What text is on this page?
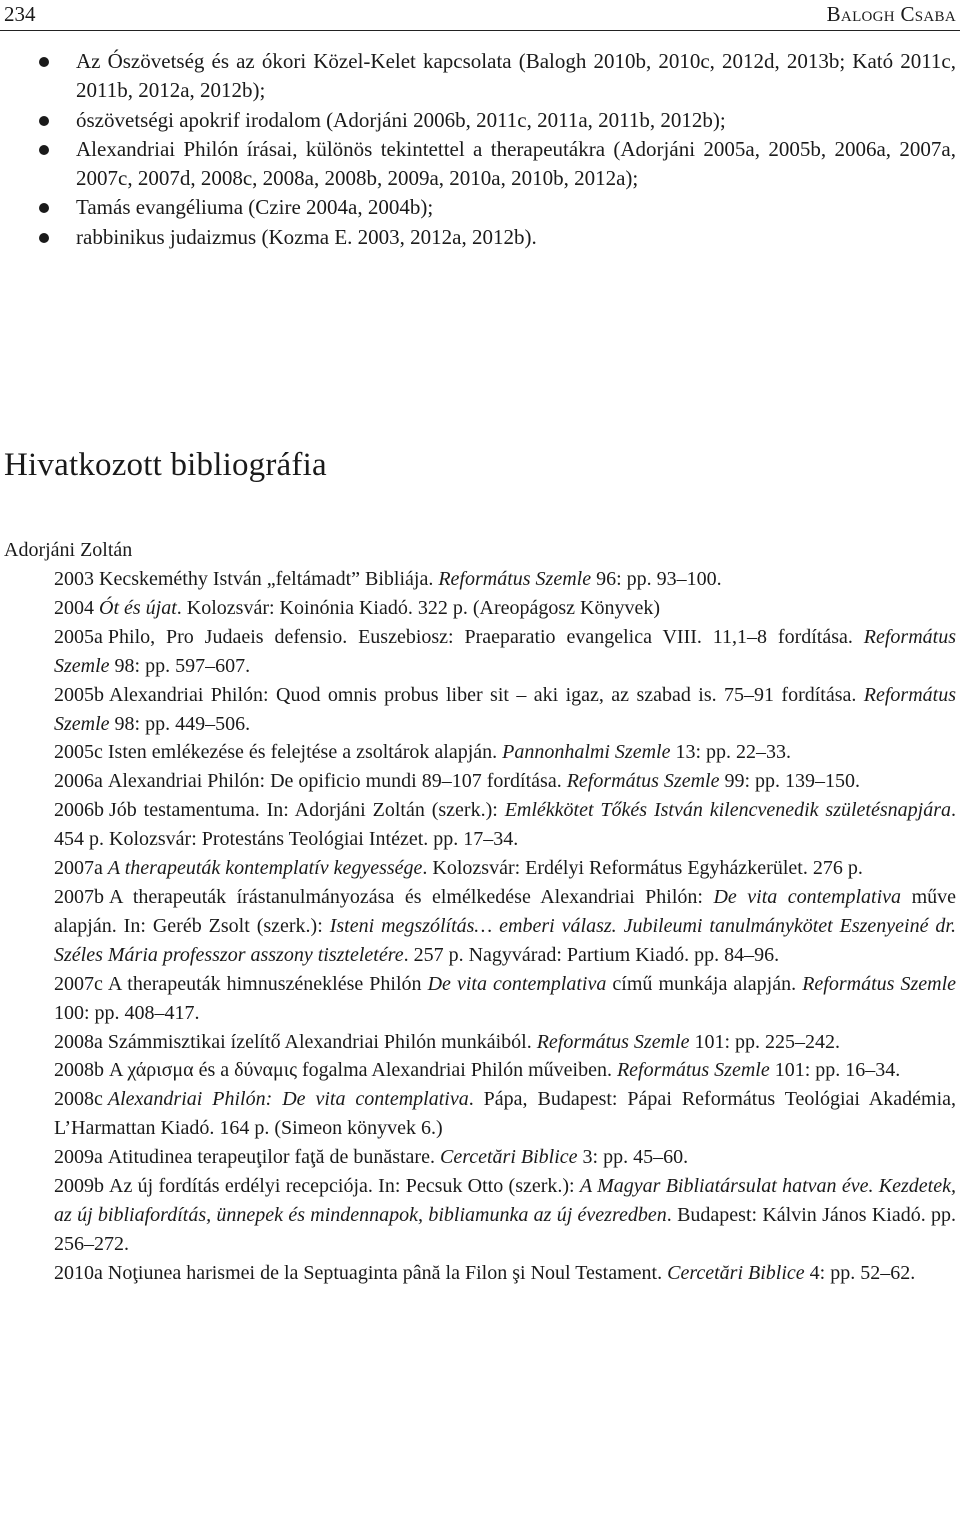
234	Balogh Csaba
Az Ószövetség és az ókori Közel-Kelet kapcsolata (Balogh 2010b, 2010c, 2012d, 2013b; Kató 2011c, 2011b, 2012a, 2012b);
ószövetségi apokrif irodalom (Adorjáni 2006b, 2011c, 2011a, 2011b, 2012b);
Alexandriai Philón írásai, különös tekintettel a therapeutákra (Adorjáni 2005a, 2005b, 2006a, 2007a, 2007c, 2007d, 2008c, 2008a, 2008b, 2009a, 2010a, 2010b, 2012a);
Tamás evangéliuma (Czire 2004a, 2004b);
rabbinikus judaizmus (Kozma E. 2003, 2012a, 2012b).
Hivatkozott bibliográfia
Adorjáni Zoltán
2003 Kecskeméthy István „feltámadt” Bibliája. Református Szemle 96: pp. 93–100.
2004 Ót és újat. Kolozsvár: Koinónia Kiadó. 322 p. (Areopágosz Könyvek)
2005a Philo, Pro Judaeis defensio. Euszebiosz: Praeparatio evangelica VIII. 11,1–8 fordítása. Református Szemle 98: pp. 597–607.
2005b Alexandriai Philón: Quod omnis probus liber sit – aki igaz, az szabad is. 75–91 fordítása. Református Szemle 98: pp. 449–506.
2005c Isten emlékezése és felejtése a zsoltárok alapján. Pannonhalmi Szemle 13: pp. 22–33.
2006a Alexandriai Philón: De opificio mundi 89–107 fordítása. Református Szemle 99: pp. 139–150.
2006b Jób testamentuma. In: Adorjáni Zoltán (szerk.): Emlékkötet Tőkés István kilencvenedik születésnapjára. 454 p. Kolozsvár: Protestáns Teológiai Intézet. pp. 17–34.
2007a A therapeuták kontemplatív kegyessége. Kolozsvár: Erdélyi Református Egyházkerület. 276 p.
2007b A therapeuták írástanulmányozása és elmélkedése Alexandriai Philón: De vita contemplativa műve alapján. In: Geréb Zsolt (szerk.): Isteni megszólítás… emberi válasz. Jubileumi tanulmánykötet Eszenyeiné dr. Széles Mária professzor asszony tiszteletére. 257 p. Nagyvárad: Partium Kiadó. pp. 84–96.
2007c A therapeuták himnuszéneklése Philón De vita contemplativa című munkája alapján. Református Szemle 100: pp. 408–417.
2008a Számmisztikai ízelítő Alexandriai Philón munkáiból. Református Szemle 101: pp. 225–242.
2008b A χάρισμα és a δύναμις fogalma Alexandriai Philón műveiben. Református Szemle 101: pp. 16–34.
2008c Alexandriai Philón: De vita contemplativa. Pápa, Budapest: Pápai Református Teológiai Akadémia, L’Harmattan Kiadó. 164 p. (Simeon könyvek 6.)
2009a Atitudinea terapeuţilor faţă de bunăstare. Cercetări Biblice 3: pp. 45–60.
2009b Az új fordítás erdélyi recepciója. In: Pecsuk Otto (szerk.): A Magyar Bibliatársulat hatvan éve. Kezdetek, az új bibliafordítás, ünnepek és mindennapok, bibliamunka az új évezredben. Budapest: Kálvin János Kiadó. pp. 256–272.
2010a Noţiunea harismei de la Septuaginta până la Filon şi Noul Testament. Cercetări Biblice 4: pp. 52–62.
